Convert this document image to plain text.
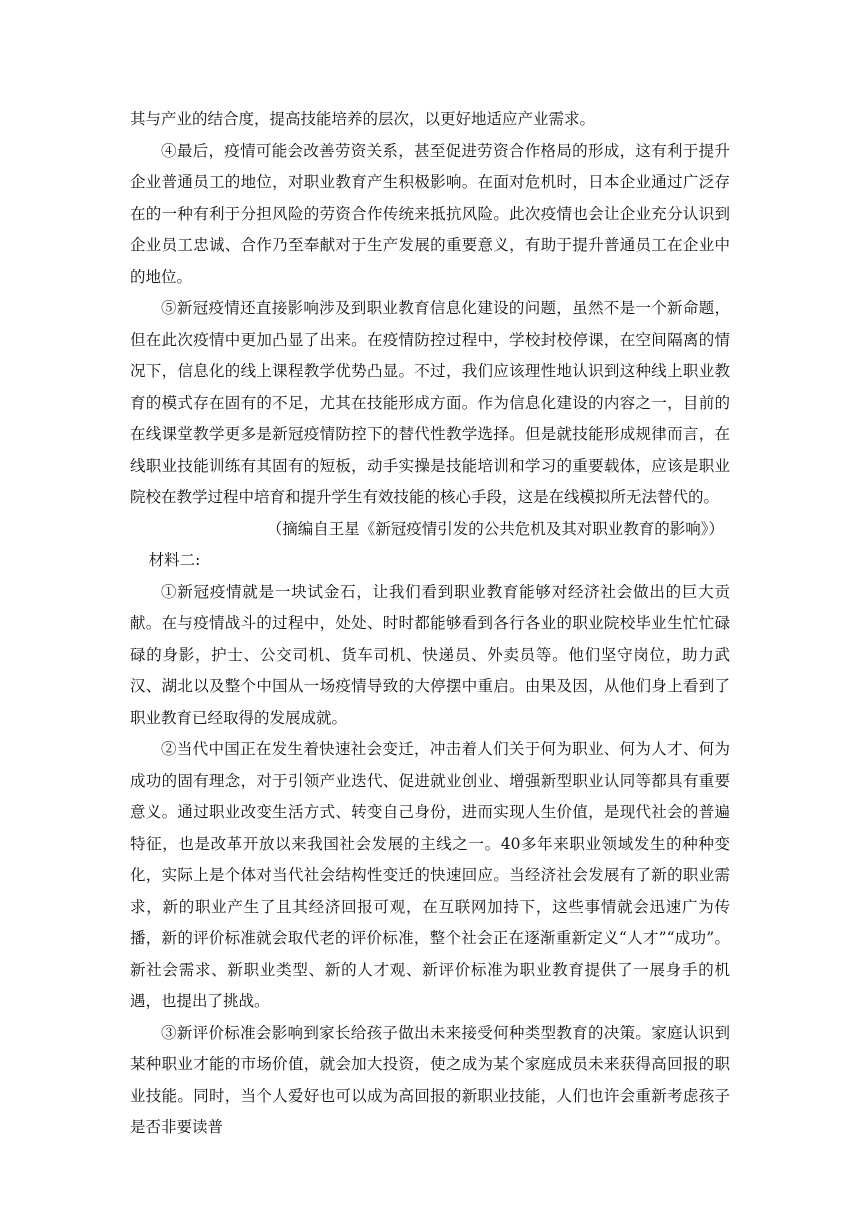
其与产业的结合度，提高技能培养的层次，以更好地适应产业需求。

④最后，疫情可能会改善劳资关系，甚至促进劳资合作格局的形成，这有利于提升企业普通员工的地位，对职业教育产生积极影响。在面对危机时，日本企业通过广泛存在的一种有利于分担风险的劳资合作传统来抵抗风险。此次疫情也会让企业充分认识到企业员工忠诚、合作乃至奉献对于生产发展的重要意义，有助于提升普通员工在企业中的地位。

⑤新冠疫情还直接影响涉及到职业教育信息化建设的问题，虽然不是一个新命题，但在此次疫情中更加凸显了出来。在疫情防控过程中，学校封校停课，在空间隔离的情况下，信息化的线上课程教学优势凸显。不过，我们应该理性地认识到这种线上职业教育的模式存在固有的不足，尤其在技能形成方面。作为信息化建设的内容之一，目前的在线课堂教学更多是新冠疫情防控下的替代性教学选择。但是就技能形成规律而言，在线职业技能训练有其固有的短板，动手实操是技能培训和学习的重要载体，应该是职业院校在教学过程中培育和提升学生有效技能的核心手段，这是在线模拟所无法替代的。

（摘编自王星《新冠疫情引发的公共危机及其对职业教育的影响》）

材料二:

①新冠疫情就是一块试金石，让我们看到职业教育能够对经济社会做出的巨大贡献。在与疫情战斗的过程中，处处、时时都能够看到各行各业的职业院校毕业生忙忙碌碌的身影，护士、公交司机、货车司机、快递员、外卖员等。他们坚守岗位，助力武汉、湖北以及整个中国从一场疫情导致的大停摆中重启。由果及因，从他们身上看到了职业教育已经取得的发展成就。

②当代中国正在发生着快速社会变迁，冲击着人们关于何为职业、何为人才、何为成功的固有理念，对于引领产业迭代、促进就业创业、增强新型职业认同等都具有重要意义。通过职业改变生活方式、转变自己身份，进而实现人生价值，是现代社会的普遍特征，也是改革开放以来我国社会发展的主线之一。40多年来职业领域发生的种种变化，实际上是个体对当代社会结构性变迁的快速回应。当经济社会发展有了新的职业需求，新的职业产生了且其经济回报可观，在互联网加持下，这些事情就会迅速广为传播，新的评价标准就会取代老的评价标准，整个社会正在逐渐重新定义“人才”“成功”。新社会需求、新职业类型、新的人才观、新评价标准为职业教育提供了一展身手的机遇，也提出了挑战。

③新评价标准会影响到家长给孩子做出未来接受何种类型教育的决策。家庭认识到某种职业才能的市场价值，就会加大投资，使之成为某个家庭成员未来获得高回报的职业技能。同时，当个人爱好也可以成为高回报的新职业技能，人们也许会重新考虑孩子是否非要读普
